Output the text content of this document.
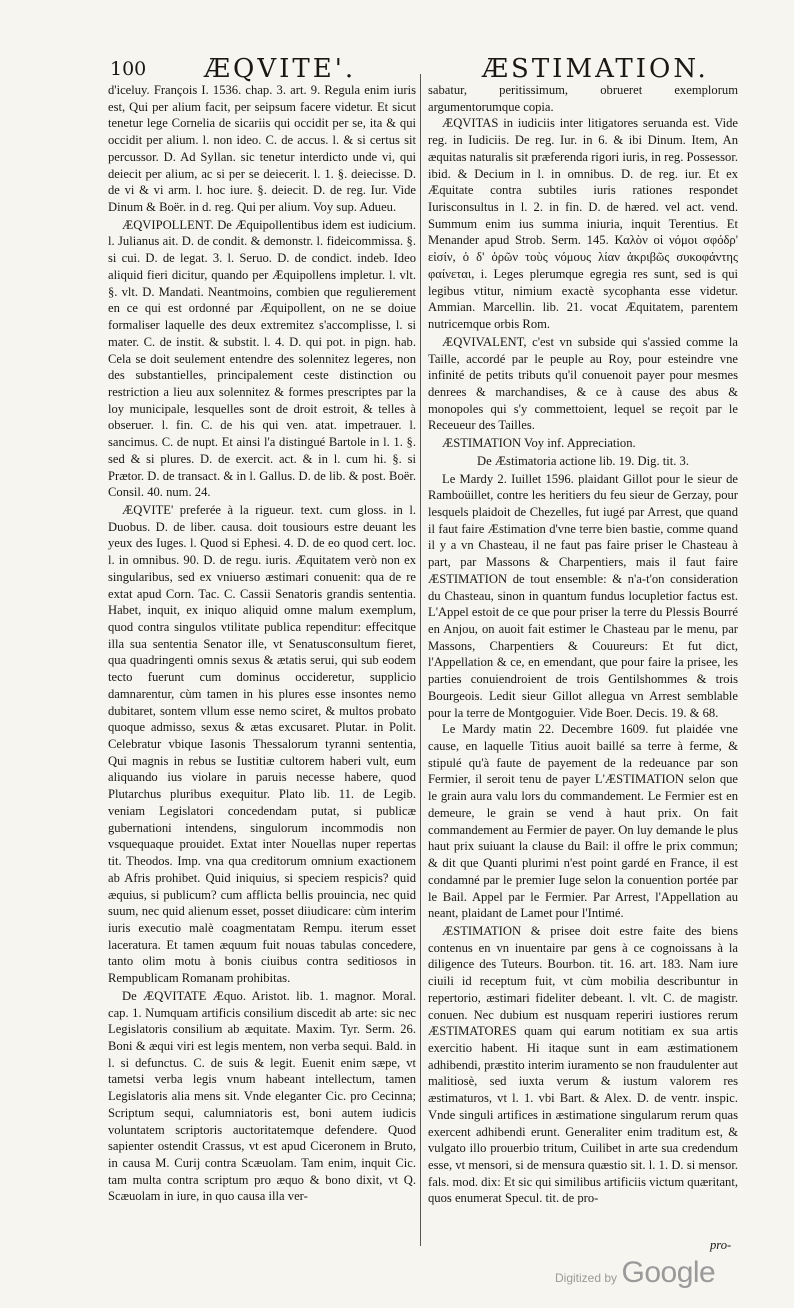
100 ÆQVITE'.	ÆSTIMATION.

d'iceluy. François I. 1536. chap. 3. art. 9. Regula enim iuris est, Qui per alium facit, per seipsum facere videtur. Et sicut tenetur lege Cornelia de sicariis qui occidit per se, ita & qui occidit per alium. l. non ideo. C. de accus. l. & si certus sit percussor. D. Ad Syllan. sic tenetur interdicto unde vi, qui deiecit per alium, ac si per se deiecerit. l. 1. §. deiecisse. D. de vi & vi arm. l. hoc iure. §. deiecit. D. de reg. Iur. Vide Dinum & Boër. in d. reg. Qui per alium. Voy sup. Adueu.

ÆQVIPOLLENT. De Æquipollentibus idem est iudicium. l. Julianus ait. D. de condit. & demonstr. l. fideicommissa. §. si cui. D. de legat. 3. l. Seruo. D. de condict. indeb. Ideo aliquid fieri dicitur, quando per Æquipollens impletur. l. vlt. §. vlt. D. Mandati. Neantmoins, combien que regulierement en ce qui est ordonné par Æquipollent, on ne se doiue formaliser laquelle des deux extremitez s'accomplisse, l. si mater. C. de instit. & substit. l. 4. D. qui pot. in pign. hab. Cela se doit seulement entendre des solennitez legeres, non des substantielles, principalement ceste distinction ou restriction a lieu aux solennitez & formes prescriptes par la loy municipale, lesquelles sont de droit estroit, & telles à obseruer. l. fin. C. de his qui ven. atat. impetrauer. l. sancimus. C. de nupt. Et ainsi l'a distingué Bartole in l. 1. §. sed & si plures. D. de exercit. act. & in l. cum hi. §. si Prætor. D. de transact. & in l. Gallus. D. de lib. & post. Boër. Consil. 40. num. 24.

ÆQVITE' preferée à la rigueur. text. cum gloss. in l. Duobus. D. de liber. causa. doit tousiours estre deuant les yeux des Iuges. l. Quod si Ephesi. 4. D. de eo quod cert. loc. l. in omnibus. 90. D. de regu. iuris. Æquitatem verò non ex singularibus, sed ex vniuerso æstimari conuenit: qua de re extat apud Corn. Tac. C. Cassii Senatoris grandis sententia. Habet, inquit, ex iniquo aliquid omne malum exemplum, quod contra singulos vtilitate publica rependitur: effecitque illa sua sententia Senator ille, vt Senatusconsultum fieret, qua quadringenti omnis sexus & ætatis serui, qui sub eodem tecto fuerunt cum dominus occideretur, supplicio damnarentur, cùm tamen in his plures esse insontes nemo dubitaret, sontem vllum esse nemo sciret, & multos probato quoque admisso, sexus & ætas excusaret. Plutar. in Polit. Celebratur vbique Iasonis Thessalorum tyranni sententia, Qui magnis in rebus se Iustitiæ cultorem haberi vult, eum aliquando ius violare in paruis necesse habere, quod Plutarchus pluribus exequitur. Plato lib. 11. de Legib. veniam Legislatori concedendam putat, si publicæ gubernationi intendens, singulorum incommodis non vsquequaque prouidet. Extat inter Nouellas nuper repertas tit. Theodos. Imp. vna qua creditorum omnium exactionem ab Afris prohibet. Quid iniquius, si speciem respicis? quid æquius, si publicum? cum afflicta bellis prouincia, nec quid suum, nec quid alienum esset, posset diiudicare: cùm interim iuris executio malè coagmentatam Rempu. iterum esset laceratura. Et tamen æquum fuit nouas tabulas concedere, tanto olim motu à bonis ciuibus contra seditiosos in Rempublicam Romanam prohibitas.

De ÆQVITATE Æquo. Aristot. lib. 1. magnor. Moral. cap. 1. Numquam artificis consilium discedit ab arte: sic nec Legislatoris consilium ab æquitate. Maxim. Tyr. Serm. 26. Boni & æqui viri est legis mentem, non verba sequi. Bald. in l. si defunctus. C. de suis & legit. Euenit enim sæpe, vt tametsi verba legis vnum habeant intellectum, tamen Legislatoris alia mens sit. Vnde eleganter Cic. pro Cecinna; Scriptum sequi, calumniatoris est, boni autem iudicis voluntatem scriptoris auctoritatemque defendere. Quod sapienter ostendit Crassus, vt est apud Ciceronem in Bruto, in causa M. Curij contra Scæuolam. Tam enim, inquit Cic. tam multa contra scriptum pro æquo & bono dixit, vt Q. Scæuolam in iure, in quo causa illa ver-

sabatur, peritissimum, obrueret exemplorum argumentorumque copia.

ÆQVITAS in iudiciis inter litigatores seruanda est. Vide reg. in Iudiciis. De reg. Iur. in 6. & ibi Dinum. Item, An æquitas naturalis sit præferenda rigori iuris, in reg. Possessor. ibid. & Decium in l. in omnibus. D. de reg. iur. Et ex Æquitate contra subtiles iuris rationes respondet Iurisconsultus in l. 2. in fin. D. de hæred. vel act. vend. Summum enim ius summa iniuria, inquit Terentius. Et Menander apud Strob. Serm. 145. Καλὸν οἱ νόμοι σφόδρ' εἰσίν, ὁ δ' ὁρῶν τοὺς νόμους λίαν ἀκριβῶς συκοφάντης φαίνεται, i. Leges plerumque egregia res sunt, sed is qui legibus vtitur, nimium exactè sycophanta esse videtur. Ammian. Marcellin. lib. 21. vocat Æquitatem, parentem nutricemque orbis Rom.

ÆQVIVALENT, c'est vn subside qui s'assied comme la Taille, accordé par le peuple au Roy, pour esteindre vne infinité de petits tributs qu'il conuenoit payer pour mesmes denrees & marchandises, & ce à cause des abus & monopoles qui s'y commettoient, lequel se reçoit par le Receueur des Tailles.

ÆSTIMATION Voy inf. Appreciation.

De Æstimatoria actione lib. 19. Dig. tit. 3.

Le Mardy 2. Iuillet 1596. plaidant Gillot pour le sieur de Ramboüillet, contre les heritiers du feu sieur de Gerzay, pour lesquels plaidoit de Chezelles, fut iugé par Arrest, que quand il faut faire Æstimation d'vne terre bien bastie, comme quand il y a vn Chasteau, il ne faut pas faire priser le Chasteau à part, par Massons & Charpentiers, mais il faut faire ÆSTIMATION de tout ensemble: & n'a-t'on consideration du Chasteau, sinon in quantum fundus locupletior factus est. L'Appel estoit de ce que pour priser la terre du Plessis Bourré en Anjou, on auoit fait estimer le Chasteau par le menu, par Massons, Charpentiers & Couureurs: Et fut dict, l'Appellation & ce, en emendant, que pour faire la prisee, les parties conuiendroient de trois Gentilshommes & trois Bourgeois. Ledit sieur Gillot allegua vn Arrest semblable pour la terre de Montgoguier. Vide Boer. Decis. 19. & 68.

Le Mardy matin 22. Decembre 1609. fut plaidée vne cause, en laquelle Titius auoit baillé sa terre à ferme, & stipulé qu'à faute de payement de la redeuance par son Fermier, il seroit tenu de payer L'ÆSTIMATION selon que le grain aura valu lors du commandement. Le Fermier est en demeure, le grain se vend à haut prix. On fait commandement au Fermier de payer. On luy demande le plus haut prix suiuant la clause du Bail: il offre le prix commun; & dit que Quanti plurimi n'est point gardé en France, il est condamné par le premier Iuge selon la conuention portée par le Bail. Appel par le Fermier. Par Arrest, l'Appellation au neant, plaidant de Lamet pour l'Intimé.

ÆSTIMATION & prisee doit estre faite des biens contenus en vn inuentaire par gens à ce cognoissans à la diligence des Tuteurs. Bourbon. tit. 16. art. 183. Nam iure ciuili id receptum fuit, vt cùm mobilia describuntur in repertorio, æstimari fideliter debeant. l. vlt. C. de magistr. conuen. Nec dubium est nusquam reperiri iustiores rerum ÆSTIMATORES quam qui earum notitiam ex sua artis exercitio habent. Hi itaque sunt in eam æstimationem adhibendi, præstito interim iuramento se non fraudulenter aut malitiosè, sed iuxta verum & iustum valorem res æstimaturos, vt l. 1. vbi Bart. & Alex. D. de ventr. inspic. Vnde singuli artifices in æstimatione singularum rerum quas exercent adhibendi erunt. Generaliter enim traditum est, & vulgato illo prouerbio tritum, Cuilibet in arte sua credendum esse, vt mensori, si de mensura quæstio sit. l. 1. D. si mensor. fals. mod. dix: Et sic qui similibus artificiis victum quæritant, quos enumerat Specul. tit. de pro-

pro-
Digitized by Google
